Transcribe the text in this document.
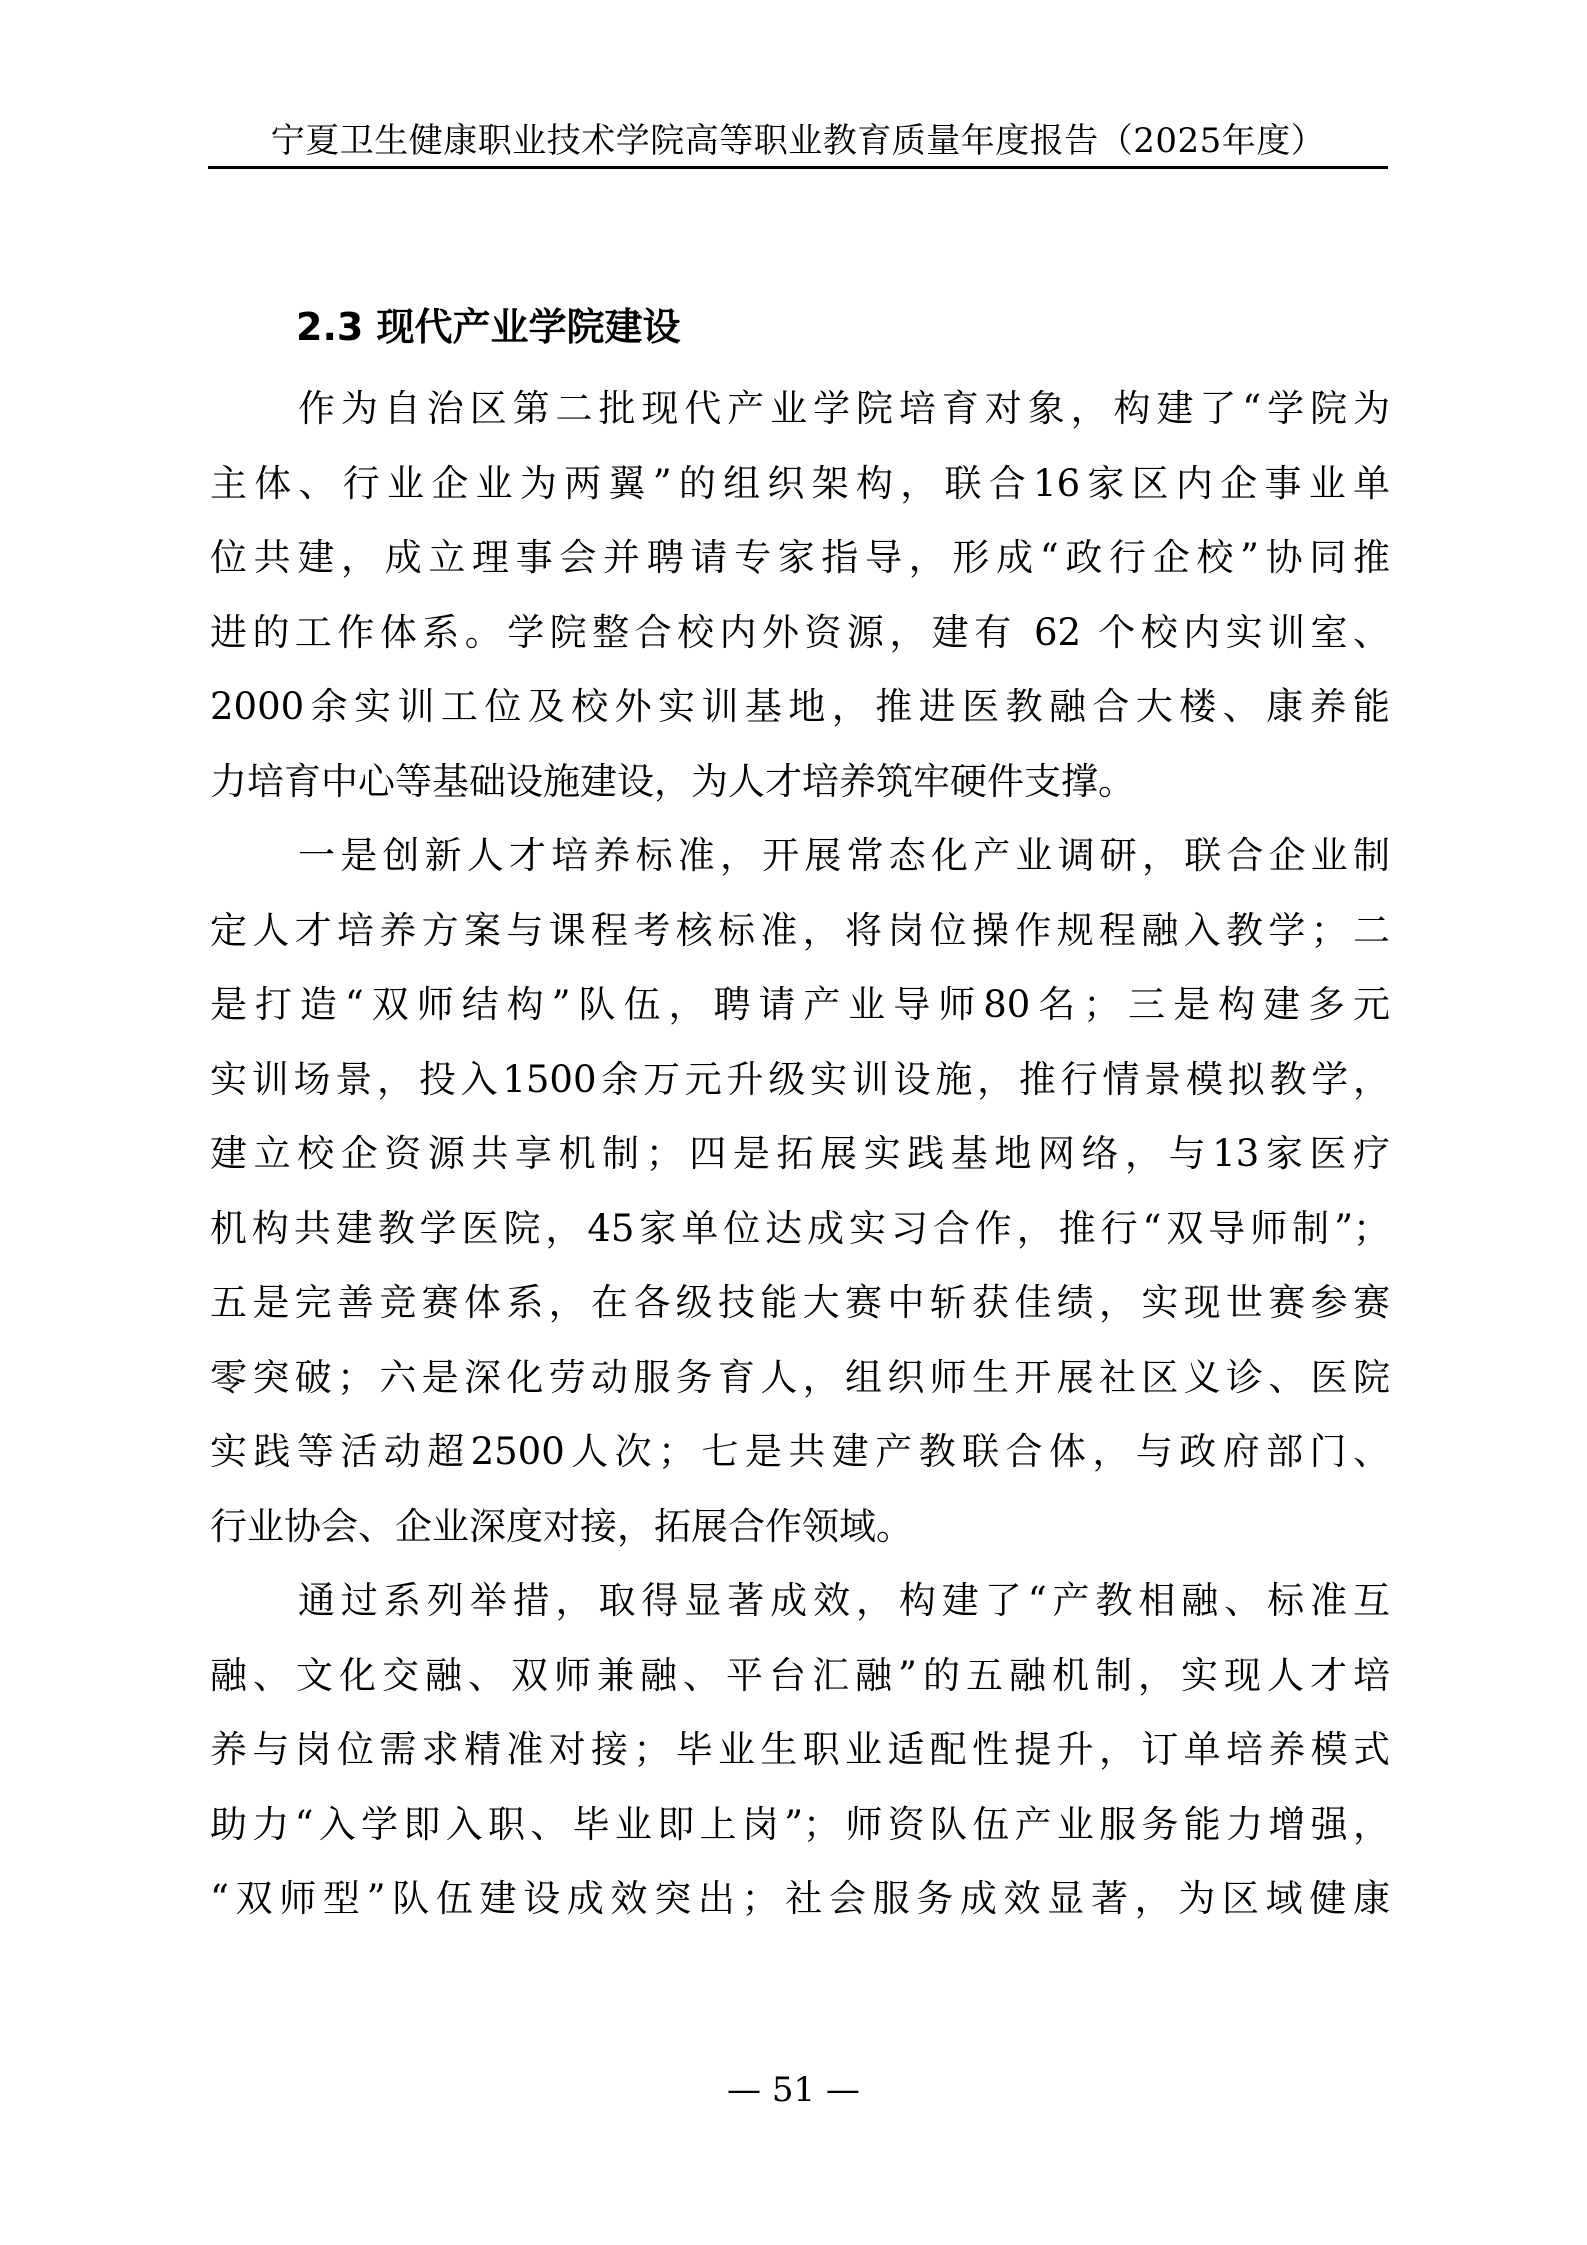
宁夏卫生健康职业技术学院高等职业教育质量年度报告（2025年度）
2.3 现代产业学院建设
作为自治区第二批现代产业学院培育对象，构建了“学院为
主体、行业企业为两翼”的组织架构，联合16家区内企事业单
位共建，成立理事会并聘请专家指导，形成“政行企校”协同推
进的工作体系。学院整合校内外资源，建有 62 个校内实训室、
2000余实训工位及校外实训基地，推进医教融合大楼、康养能
力培育中心等基础设施建设，为人才培养筑牢硬件支撑。
一是创新人才培养标准，开展常态化产业调研，联合企业制
定人才培养方案与课程考核标准，将岗位操作规程融入教学；二
是打造“双师结构”队伍，聘请产业导师80名；三是构建多元
实训场景，投入1500余万元升级实训设施，推行情景模拟教学，
建立校企资源共享机制；四是拓展实践基地网络，与13家医疗
机构共建教学医院，45家单位达成实习合作，推行“双导师制”；
五是完善竞赛体系，在各级技能大赛中斩获佳绩，实现世赛参赛
零突破；六是深化劳动服务育人，组织师生开展社区义诊、医院
实践等活动超2500人次；七是共建产教联合体，与政府部门、
行业协会、企业深度对接，拓展合作领域。
通过系列举措，取得显著成效，构建了“产教相融、标准互
融、文化交融、双师兼融、平台汇融”的五融机制，实现人才培
养与岗位需求精准对接；毕业生职业适配性提升，订单培养模式
助力“入学即入职、毕业即上岗”；师资队伍产业服务能力增强，
“双师型”队伍建设成效突出；社会服务成效显著，为区域健康
— 51 —
